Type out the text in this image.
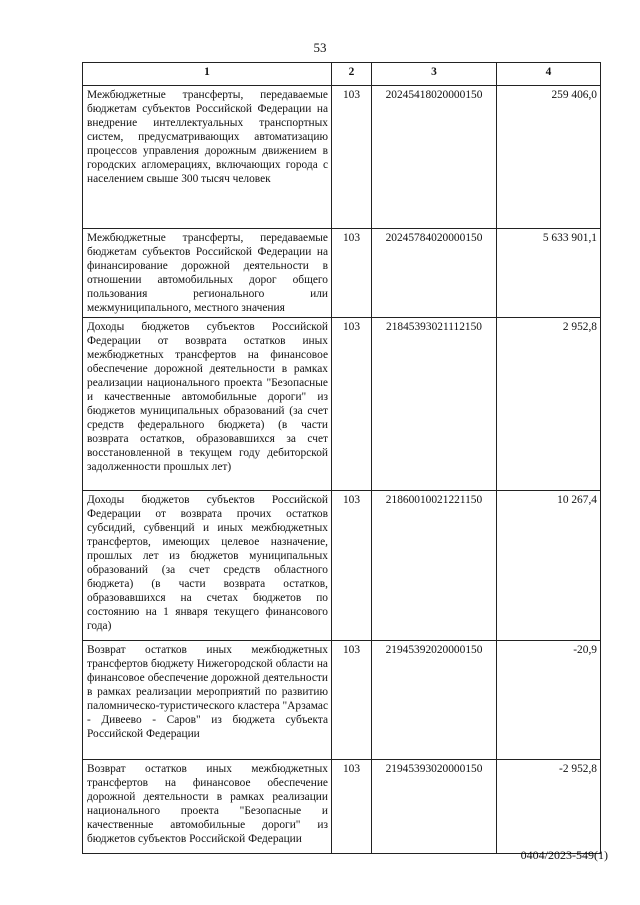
53
1	2	3	4
Межбюджетные трансферты, передаваемые бюджетам субъектов Российской Федерации на внедрение интеллектуальных транспортных систем, предусматривающих автоматизацию процессов управления дорожным движением в городских агломерациях, включающих города с населением свыше 300 тысяч человек	103	20245418020000150	259 406,0
Межбюджетные трансферты, передаваемые бюджетам субъектов Российской Федерации на финансирование дорожной деятельности в отношении автомобильных дорог общего пользования регионального или межмуниципального, местного значения	103	20245784020000150	5 633 901,1
Доходы бюджетов субъектов Российской Федерации от возврата остатков иных межбюджетных трансфертов на финансовое обеспечение дорожной деятельности в рамках реализации национального проекта "Безопасные и качественные автомобильные дороги" из бюджетов муниципальных образований (за счет средств федерального бюджета) (в части возврата остатков, образовавшихся за счет восстановленной в текущем году дебиторской задолженности прошлых лет)	103	21845393021112150	2 952,8
Доходы бюджетов субъектов Российской Федерации от возврата прочих остатков субсидий, субвенций и иных межбюджетных трансфертов, имеющих целевое назначение, прошлых лет из бюджетов муниципальных образований (за счет средств областного бюджета) (в части возврата остатков, образовавшихся на счетах бюджетов по состоянию на 1 января текущего финансового года)	103	21860010021221150	10 267,4
Возврат остатков иных межбюджетных трансфертов бюджету Нижегородской области на финансовое обеспечение дорожной деятельности в рамках реализации мероприятий по развитию паломническо-туристического кластера "Арзамас - Дивеево - Саров" из бюджета субъекта Российской Федерации	103	21945392020000150	-20,9
Возврат остатков иных межбюджетных трансфертов на финансовое обеспечение дорожной деятельности в рамках реализации национального проекта "Безопасные и качественные автомобильные дороги" из бюджетов субъектов Российской Федерации	103	21945393020000150	-2 952,8
0404/2023-549(1)
